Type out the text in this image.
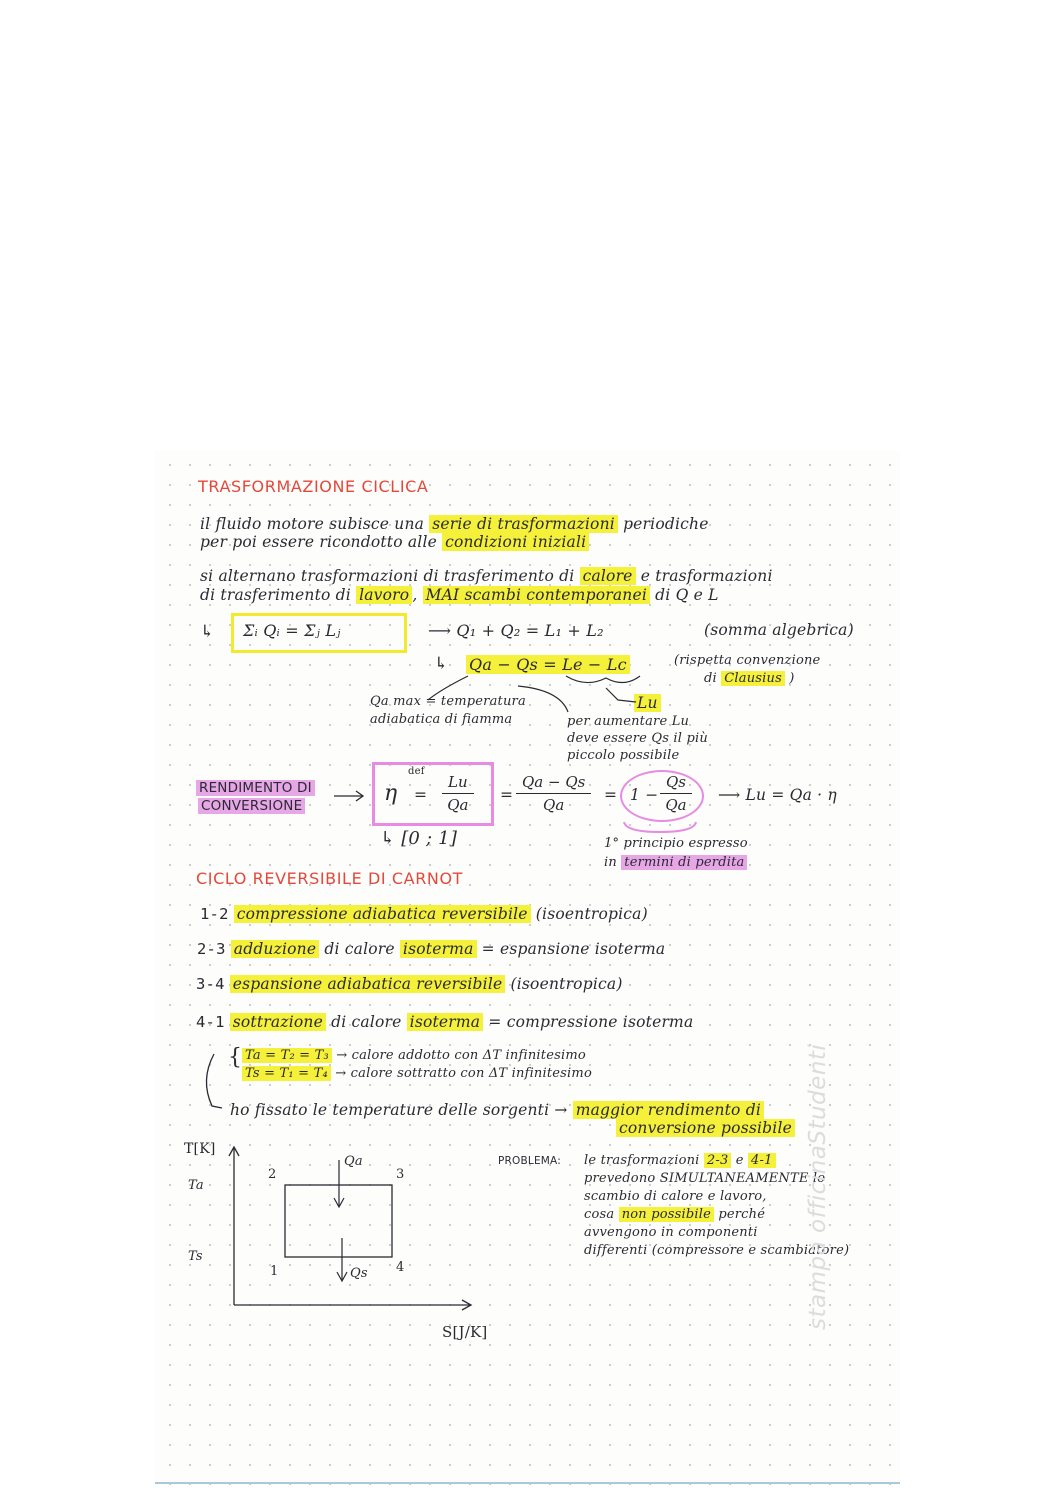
TRASFORMAZIONE CICLICA
il fluido motore subisce una serie di trasformazioni periodiche
per poi essere ricondotto alle condizioni iniziali
si alternano trasformazioni di trasferimento di calore e trasformazioni
di trasferimento di lavoro , MAI scambi contemporanei di Q e L
↳ Σᵢ Qᵢ = Σⱼ Lⱼ	⟶ Q₁ + Q₂ = L₁ + L₂	(somma algebrica)
↳ Qa − Qs = Le − Lc	(rispetta convenzione
di Clausius )
Qa max = temperatura
adiabatica di fiamma
Lu
per aumentare Lu
deve essere Qs il più
piccolo possibile
RENDIMENTO DI
CONVERSIONE	η
def
= $\frac{Lu}{Qa} = \frac{Qa - Qs}{Qa} = 1 - \frac{Qs}{Qa}$ ⟶ Lu = Qa · η
↳ [0 ; 1]	1° principio espresso
in termini di perdita
CICLO REVERSIBILE DI CARNOT
1-2 compressione adiabatica reversibile (isoentropica)
2-3 adduzione di calore isoterma = espansione isoterma
3-4 espansione adiabatica reversibile (isoentropica)
4-1 sottrazione di calore isoterma = compressione isoterma
{ Ta = T₂ = T₃ → calore addotto con ΔT infinitesimo
Ts = T₁ = T₄ → calore sottratto con ΔT infinitesimo
ho fissato le temperature delle sorgenti → maggior rendimento di
conversione possibile
T[K]
S[J/K]
Ta
Ts
1
2	3
4
Qa
Qs
PROBLEMA: le trasformazioni 2-3 e 4-1
prevedono SIMULTANEAMENTE lo
scambio di calore e lavoro,
cosa non possibile perché
avvengono in componenti
differenti (compressore e scambiatore)
stampa officinaStudenti
